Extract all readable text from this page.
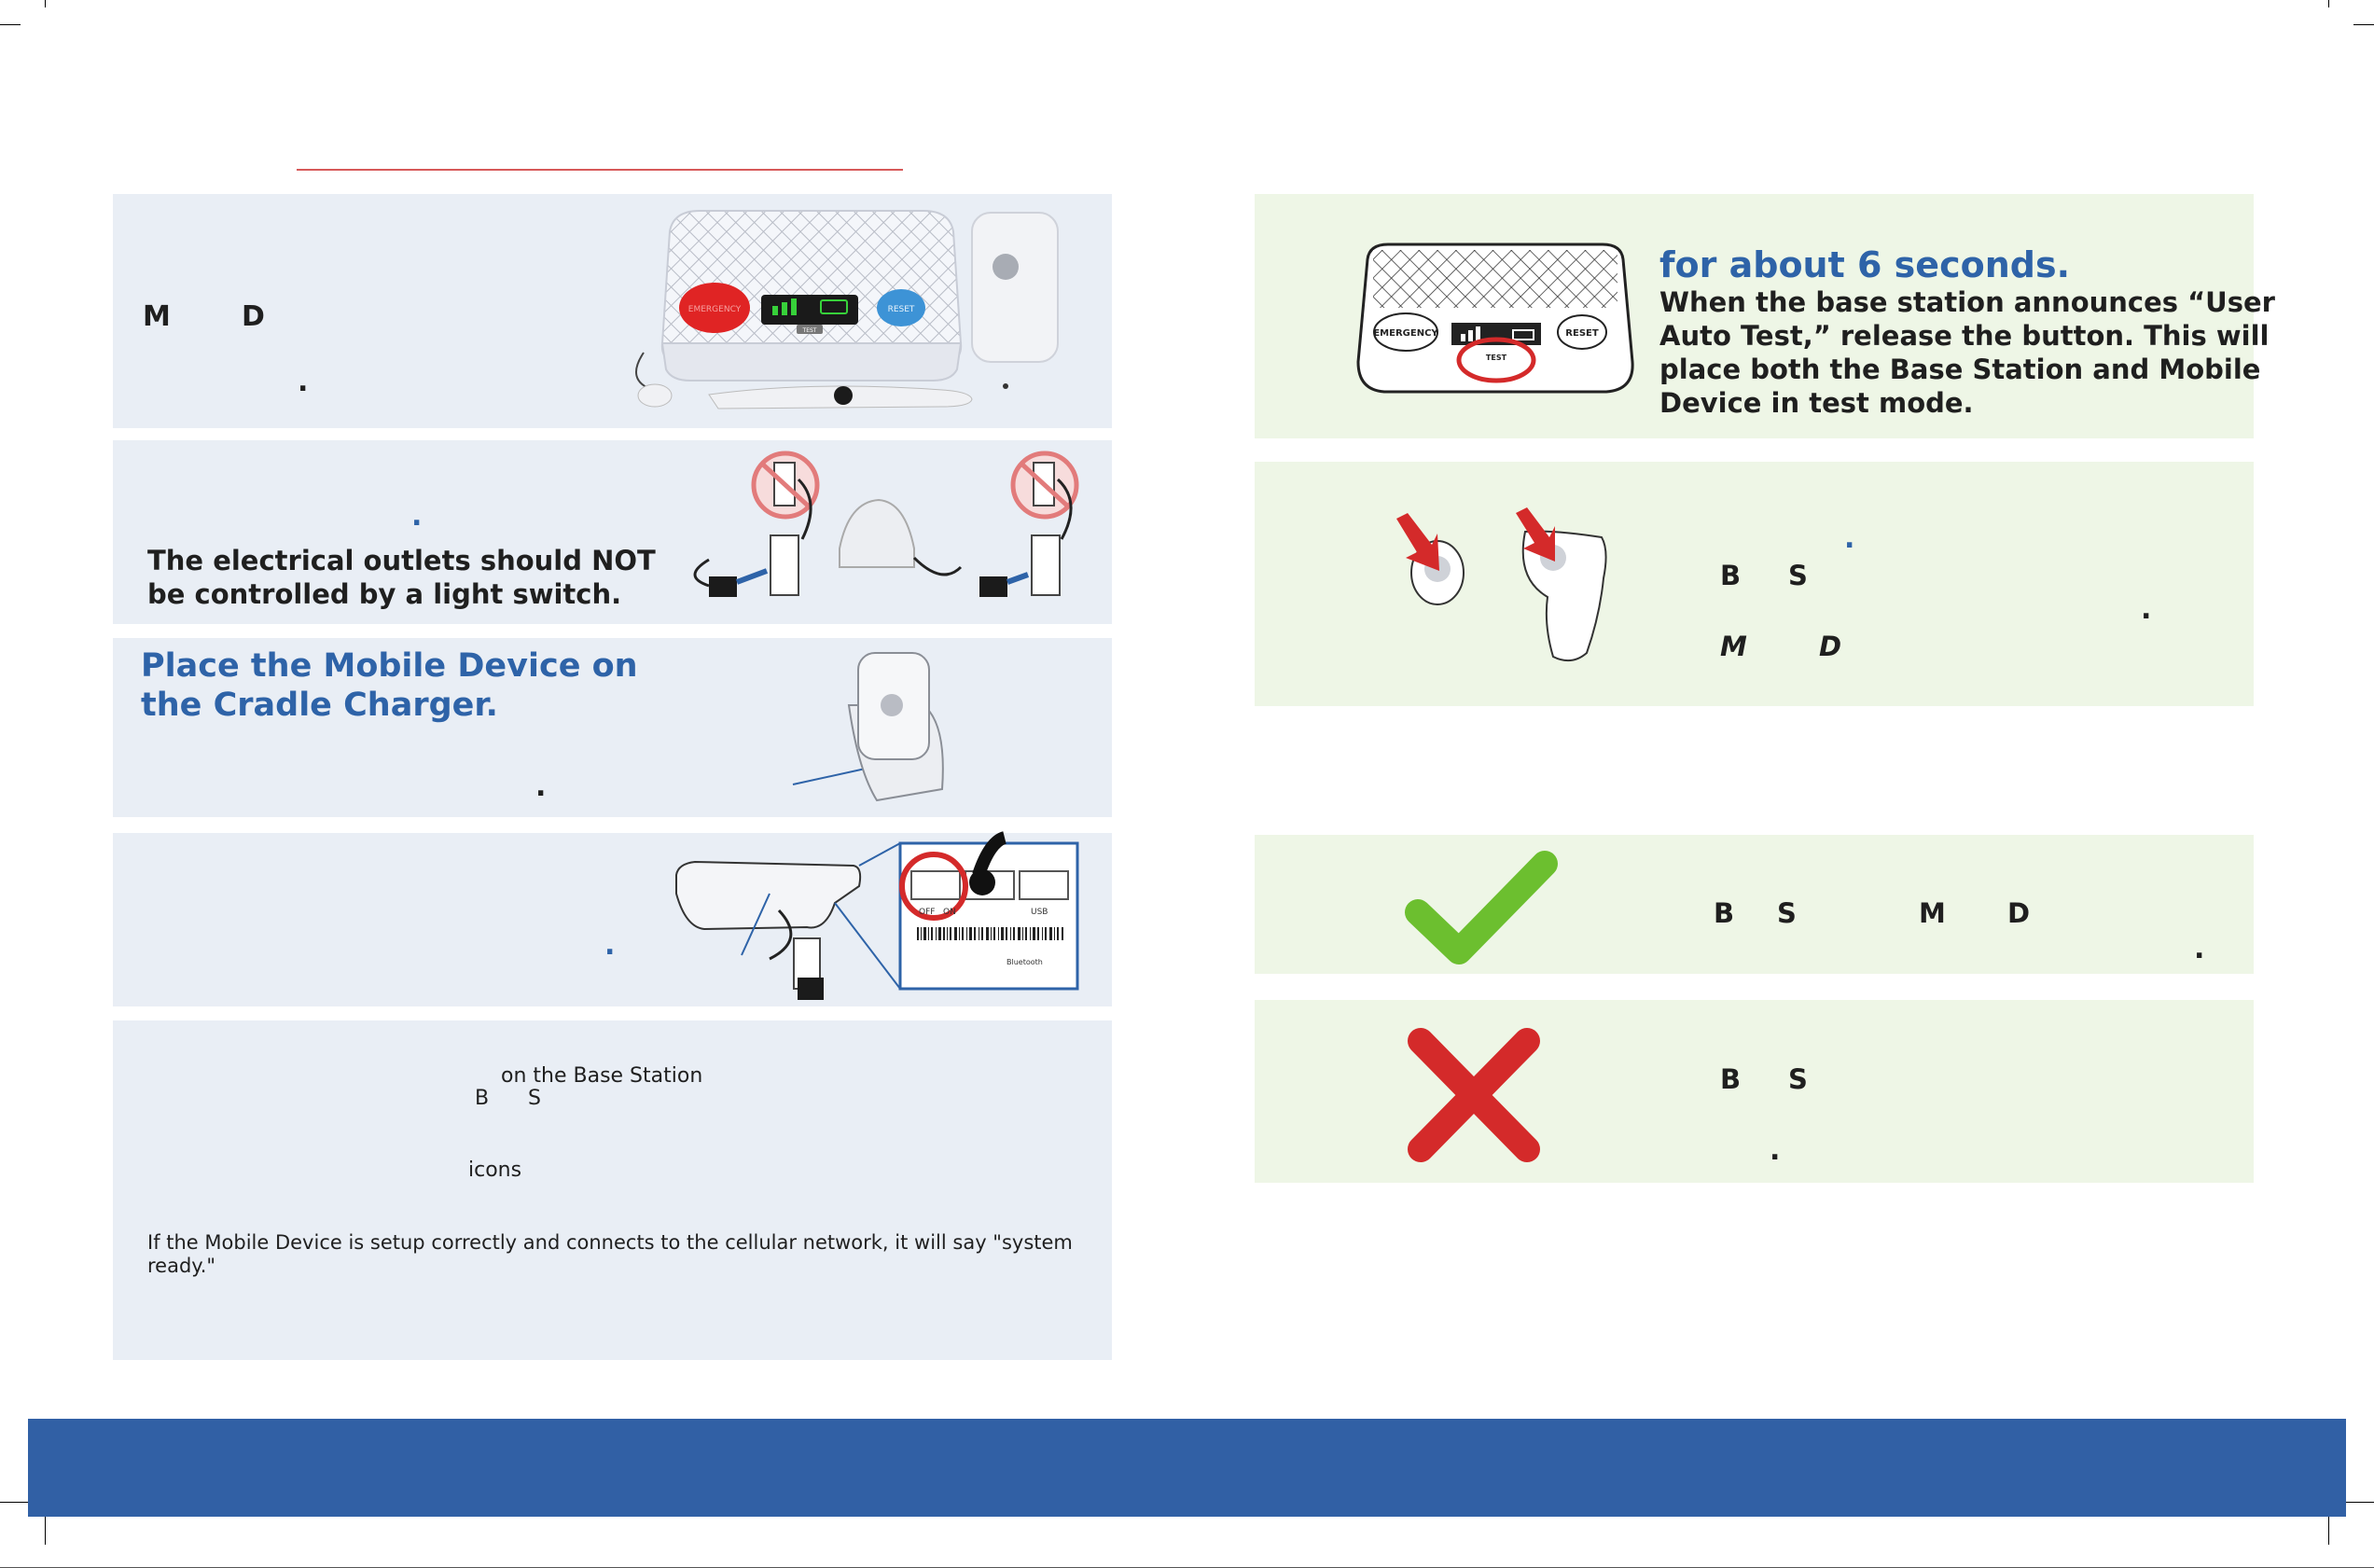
M	D
.
EMERGENCY
TEST
RESET
.
The electrical outlets should NOT
be controlled by a light switch.
Place the Mobile Device on
the Cradle Charger.
.
.
OFF ON	USB
Bluetooth
on the Base Station
B S
icons
If the Mobile Device is setup correctly and connects to the cellular network, it will say "system
ready."
EMERGENCY
TEST
RESET
for about 6 seconds.
When the base station announces “User
Auto Test,” release the button. This will
place both the Base Station and Mobile
Device in test mode.
.
B S
.
M	D
B S	M D
.
B S
.
